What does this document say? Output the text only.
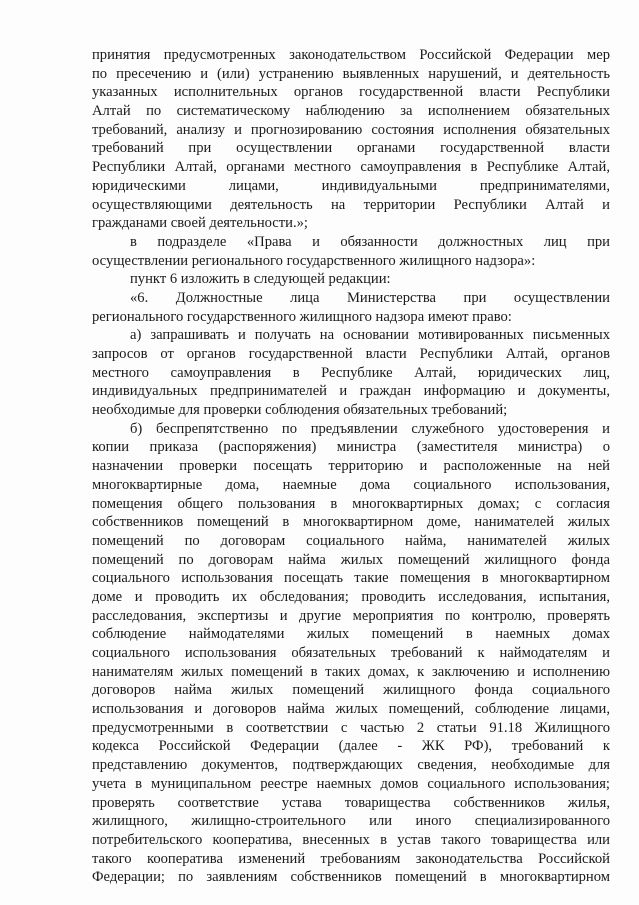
принятия предусмотренных законодательством Российской Федерации мер
по пресечению и (или) устранению выявленных нарушений, и деятельность
указанных исполнительных органов государственной власти Республики
Алтай по систематическому наблюдению за исполнением обязательных
требований, анализу и прогнозированию состояния исполнения обязательных
требований при осуществлении органами государственной власти
Республики Алтай, органами местного самоуправления в Республике Алтай,
юридическими лицами, индивидуальными предпринимателями,
осуществляющими деятельность на территории Республики Алтай и
гражданами своей деятельности.»;
в подразделе «Права и обязанности должностных лиц при
осуществлении регионального государственного жилищного надзора»:
пункт 6 изложить в следующей редакции:
«6. Должностные лица Министерства при осуществлении
регионального государственного жилищного надзора имеют право:
а) запрашивать и получать на основании мотивированных письменных
запросов от органов государственной власти Республики Алтай, органов
местного самоуправления в Республике Алтай, юридических лиц,
индивидуальных предпринимателей и граждан информацию и документы,
необходимые для проверки соблюдения обязательных требований;
б) беспрепятственно по предъявлении служебного удостоверения и
копии приказа (распоряжения) министра (заместителя министра) о
назначении проверки посещать территорию и расположенные на ней
многоквартирные дома, наемные дома социального использования,
помещения общего пользования в многоквартирных домах; с согласия
собственников помещений в многоквартирном доме, нанимателей жилых
помещений по договорам социального найма, нанимателей жилых
помещений по договорам найма жилых помещений жилищного фонда
социального использования посещать такие помещения в многоквартирном
доме и проводить их обследования; проводить исследования, испытания,
расследования, экспертизы и другие мероприятия по контролю, проверять
соблюдение наймодателями жилых помещений в наемных домах
социального использования обязательных требований к наймодателям и
нанимателям жилых помещений в таких домах, к заключению и исполнению
договоров найма жилых помещений жилищного фонда социального
использования и договоров найма жилых помещений, соблюдение лицами,
предусмотренными в соответствии с частью 2 статьи 91.18 Жилищного
кодекса Российской Федерации (далее - ЖК РФ), требований к
представлению документов, подтверждающих сведения, необходимые для
учета в муниципальном реестре наемных домов социального использования;
проверять соответствие устава товарищества собственников жилья,
жилищного, жилищно-строительного или иного специализированного
потребительского кооператива, внесенных в устав такого товарищества или
такого кооператива изменений требованиям законодательства Российской
Федерации; по заявлениям собственников помещений в многоквартирном
